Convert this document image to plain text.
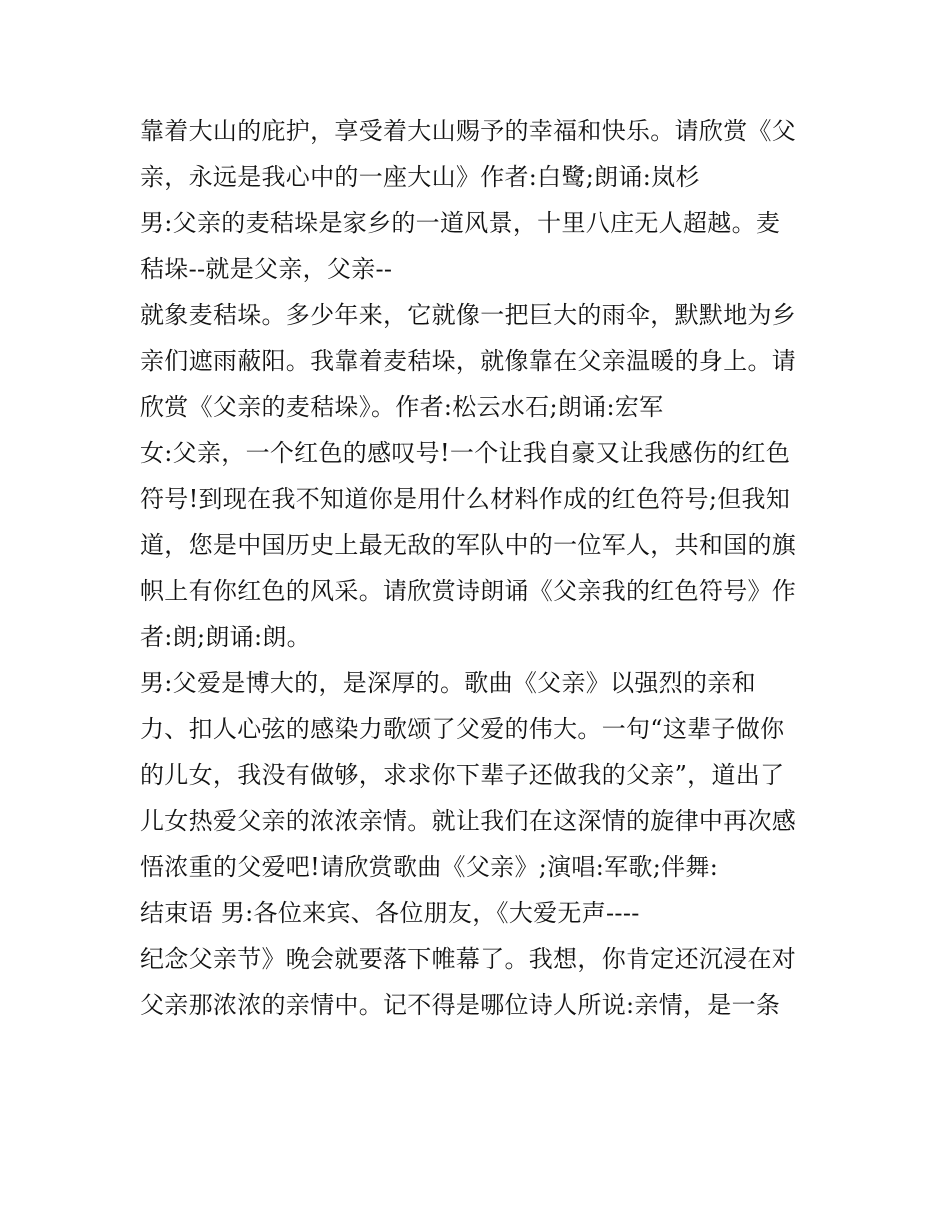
靠着大山的庇护，享受着大山赐予的幸福和快乐。请欣赏《父
亲，永远是我心中的一座大山》作者:白鹭;朗诵:岚杉
男:父亲的麦秸垛是家乡的一道风景，十里八庄无人超越。麦
秸垛--就是父亲，父亲--
就象麦秸垛。多少年来，它就像一把巨大的雨伞，默默地为乡
亲们遮雨蔽阳。我靠着麦秸垛，就像靠在父亲温暖的身上。请
欣赏《父亲的麦秸垛》。作者:松云水石;朗诵:宏军
女:父亲，一个红色的感叹号!一个让我自豪又让我感伤的红色
符号!到现在我不知道你是用什么材料作成的红色符号;但我知
道，您是中国历史上最无敌的军队中的一位军人，共和国的旗
帜上有你红色的风采。请欣赏诗朗诵《父亲我的红色符号》作
者:朗;朗诵:朗。
男:父爱是博大的，是深厚的。歌曲《父亲》以强烈的亲和
力、扣人心弦的感染力歌颂了父爱的伟大。一句“这辈子做你
的儿女，我没有做够，求求你下辈子还做我的父亲”，道出了
儿女热爱父亲的浓浓亲情。就让我们在这深情的旋律中再次感
悟浓重的父爱吧!请欣赏歌曲《父亲》;演唱:军歌;伴舞:
结束语 男:各位来宾、各位朋友，《大爱无声----
纪念父亲节》晚会就要落下帷幕了。我想，你肯定还沉浸在对
父亲那浓浓的亲情中。记不得是哪位诗人所说:亲情，是一条
